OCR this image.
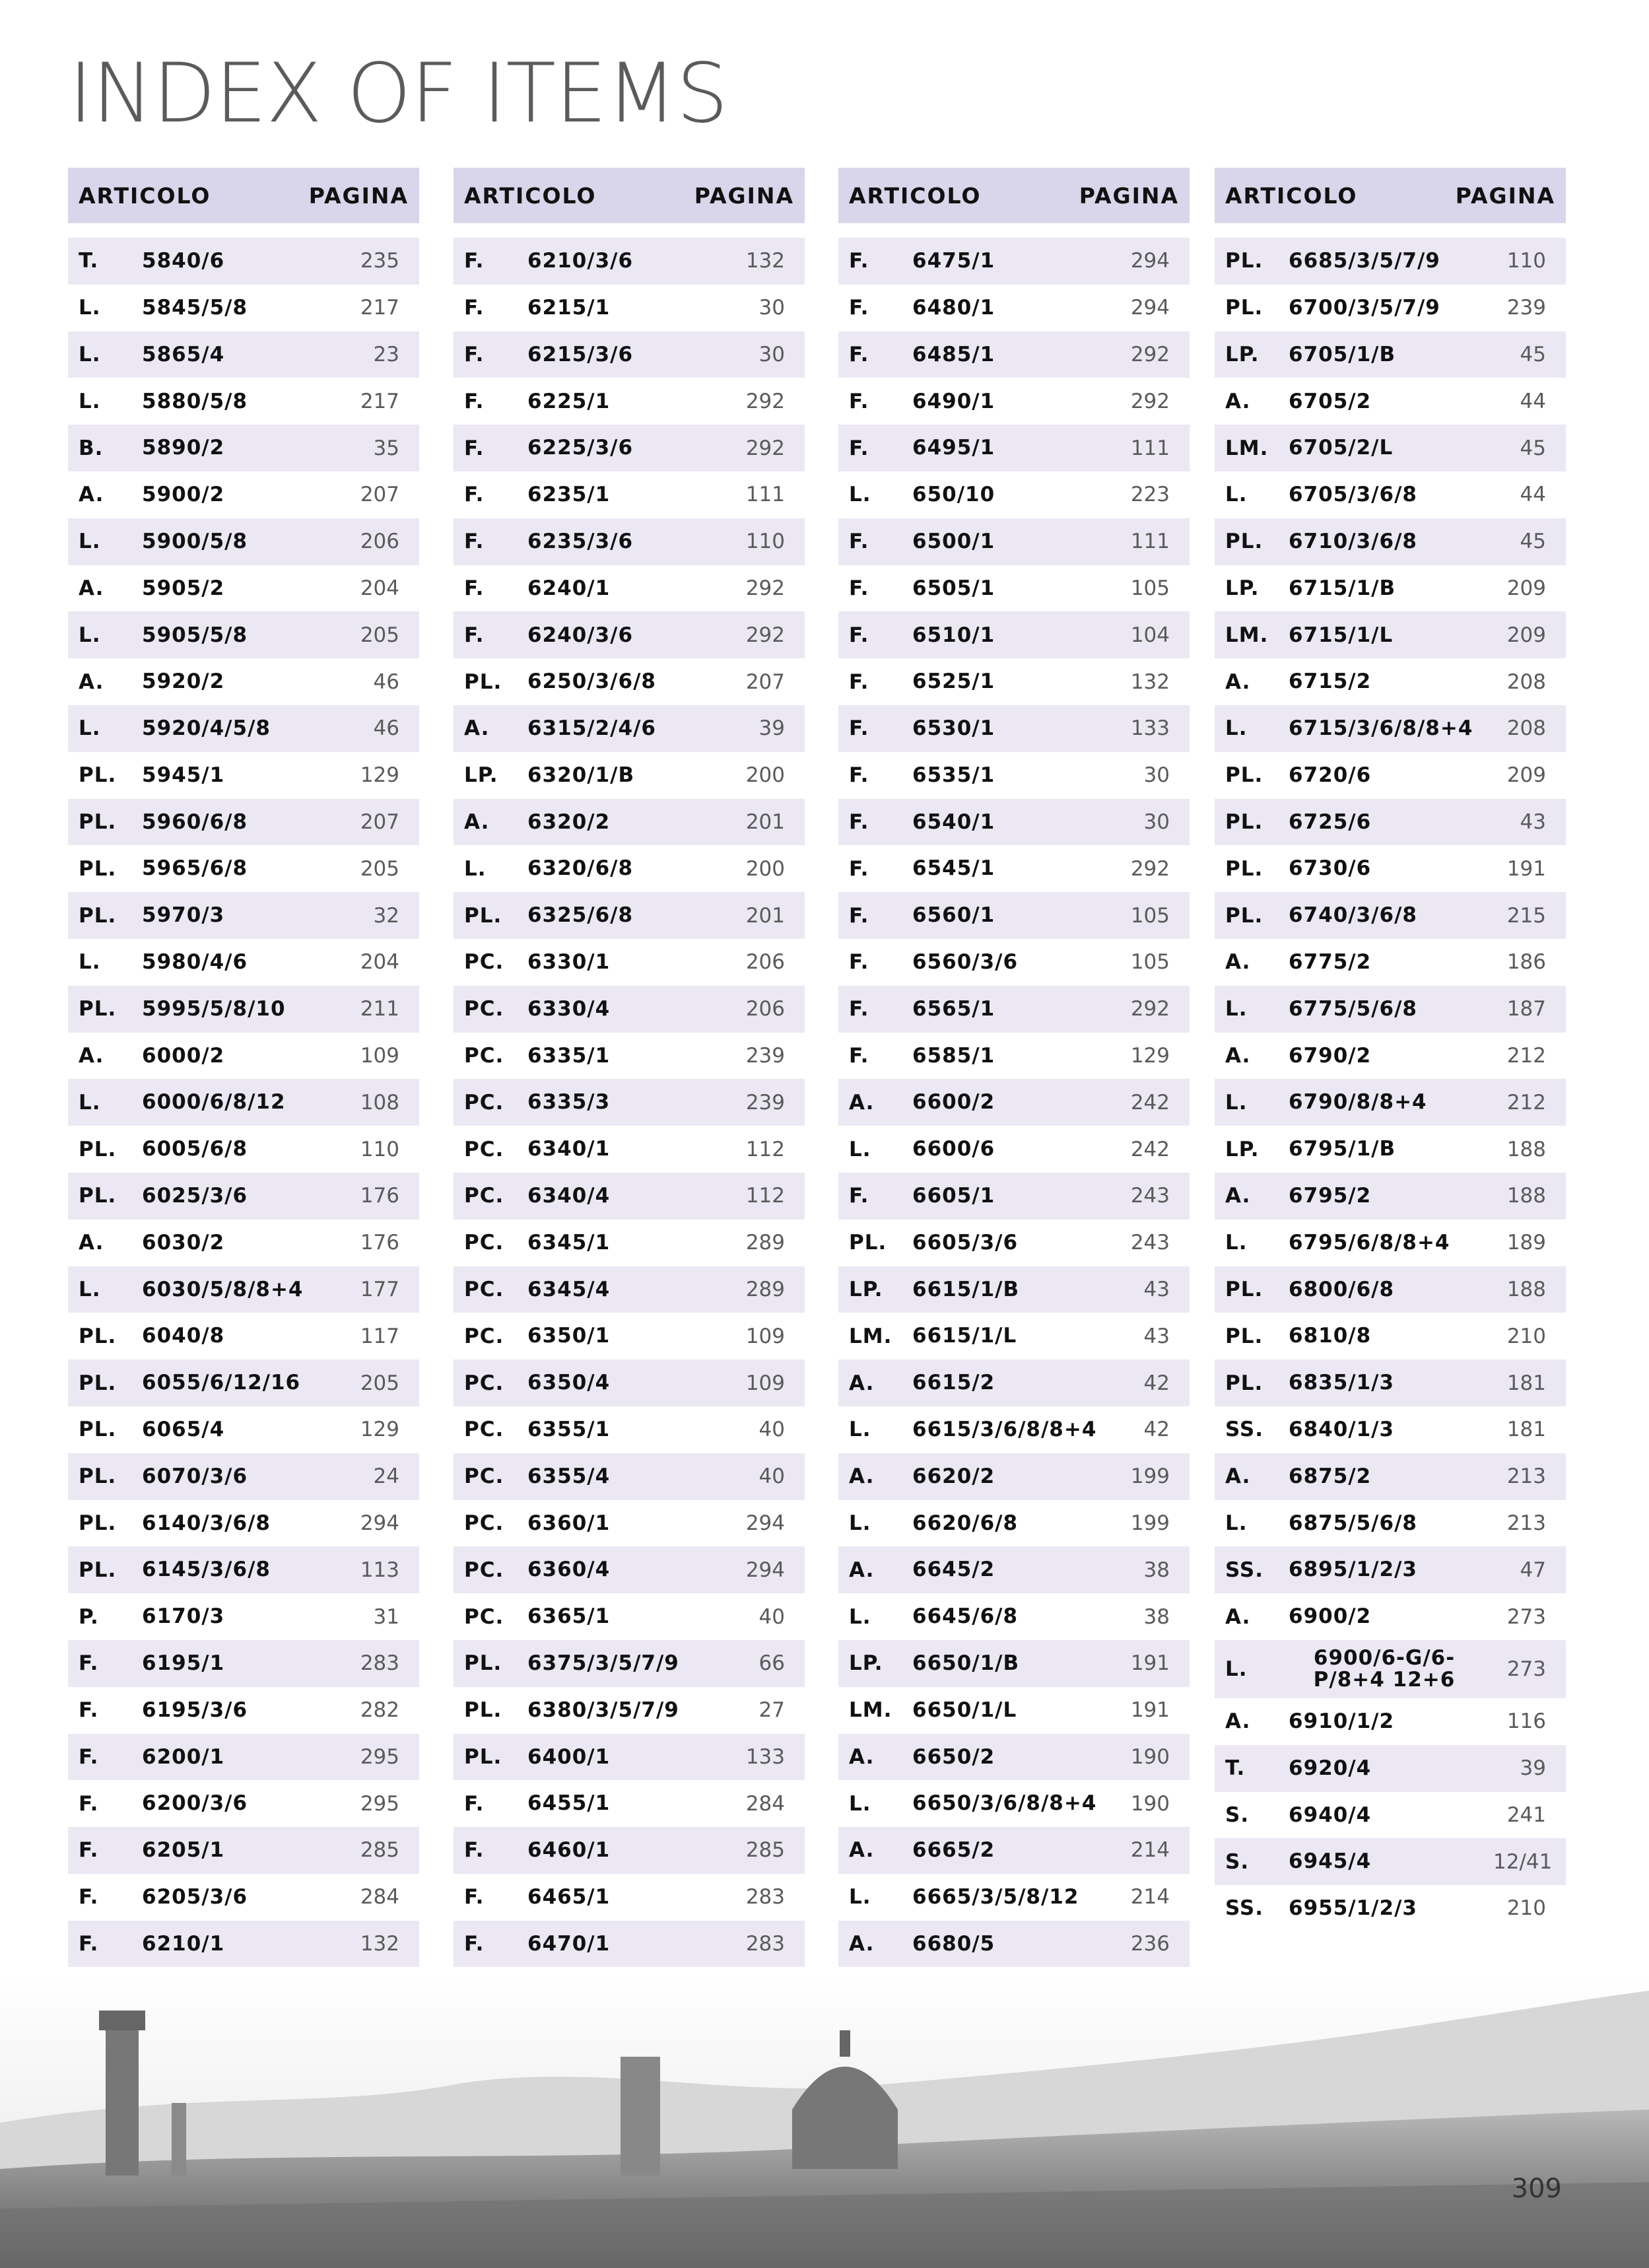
INDEX OF ITEMS
ARTICOLO	PAGINA
T.	5840/6	235
L.	5845/5/8	217
L.	5865/4	23
L.	5880/5/8	217
B.	5890/2	35
A.	5900/2	207
L.	5900/5/8	206
A.	5905/2	204
L.	5905/5/8	205
A.	5920/2	46
L.	5920/4/5/8	46
PL.	5945/1	129
PL.	5960/6/8	207
PL.	5965/6/8	205
PL.	5970/3	32
L.	5980/4/6	204
PL.	5995/5/8/10	211
A.	6000/2	109
L.	6000/6/8/12	108
PL.	6005/6/8	110
PL.	6025/3/6	176
A.	6030/2	176
L.	6030/5/8/8+4	177
PL.	6040/8	117
PL.	6055/6/12/16	205
PL.	6065/4	129
PL.	6070/3/6	24
PL.	6140/3/6/8	294
PL.	6145/3/6/8	113
P.	6170/3	31
F.	6195/1	283
F.	6195/3/6	282
F.	6200/1	295
F.	6200/3/6	295
F.	6205/1	285
F.	6205/3/6	284
F.	6210/1	132
ARTICOLO	PAGINA
F.	6210/3/6	132
F.	6215/1	30
F.	6215/3/6	30
F.	6225/1	292
F.	6225/3/6	292
F.	6235/1	111
F.	6235/3/6	110
F.	6240/1	292
F.	6240/3/6	292
PL.	6250/3/6/8	207
A.	6315/2/4/6	39
LP.	6320/1/B	200
A.	6320/2	201
L.	6320/6/8	200
PL.	6325/6/8	201
PC.	6330/1	206
PC.	6330/4	206
PC.	6335/1	239
PC.	6335/3	239
PC.	6340/1	112
PC.	6340/4	112
PC.	6345/1	289
PC.	6345/4	289
PC.	6350/1	109
PC.	6350/4	109
PC.	6355/1	40
PC.	6355/4	40
PC.	6360/1	294
PC.	6360/4	294
PC.	6365/1	40
PL.	6375/3/5/7/9	66
PL.	6380/3/5/7/9	27
PL.	6400/1	133
F.	6455/1	284
F.	6460/1	285
F.	6465/1	283
F.	6470/1	283
ARTICOLO	PAGINA
F.	6475/1	294
F.	6480/1	294
F.	6485/1	292
F.	6490/1	292
F.	6495/1	111
L.	650/10	223
F.	6500/1	111
F.	6505/1	105
F.	6510/1	104
F.	6525/1	132
F.	6530/1	133
F.	6535/1	30
F.	6540/1	30
F.	6545/1	292
F.	6560/1	105
F.	6560/3/6	105
F.	6565/1	292
F.	6585/1	129
A.	6600/2	242
L.	6600/6	242
F.	6605/1	243
PL.	6605/3/6	243
LP.	6615/1/B	43
LM. 6615/1/L	43
A.	6615/2	42
L.	6615/3/6/8/8+4	42
A.	6620/2	199
L.	6620/6/8	199
A.	6645/2	38
L.	6645/6/8	38
LP.	6650/1/B	191
LM. 6650/1/L	191
A.	6650/2	190
L.	6650/3/6/8/8+4	190
A.	6665/2	214
L.	6665/3/5/8/12	214
A.	6680/5	236
ARTICOLO	PAGINA
PL.	6685/3/5/7/9	110
PL.	6700/3/5/7/9	239
LP.	6705/1/B	45
A.	6705/2	44
LM. 6705/2/L	45
L.	6705/3/6/8	44
PL.	6710/3/6/8	45
LP.	6715/1/B	209
LM. 6715/1/L	209
A.	6715/2	208
L.	6715/3/6/8/8+4	208
PL.	6720/6	209
PL.	6725/6	43
PL.	6730/6	191
PL.	6740/3/6/8	215
A.	6775/2	186
L.	6775/5/6/8	187
A.	6790/2	212
L.	6790/8/8+4	212
LP.	6795/1/B	188
A.	6795/2	188
L.	6795/6/8/8+4	189
PL.	6800/6/8	188
PL.	6810/8	210
PL.	6835/1/3	181
SS.	6840/1/3	181
A.	6875/2	213
L.	6875/5/6/8	213
SS.	6895/1/2/3	47
A.	6900/2	273
L.	6900/6-G/6-P/8+4 12+6	273
A.	6910/1/2	116
T.	6920/4	39
S.	6940/4	241
S.	6945/4	12/41
SS.	6955/1/2/3	210
309
